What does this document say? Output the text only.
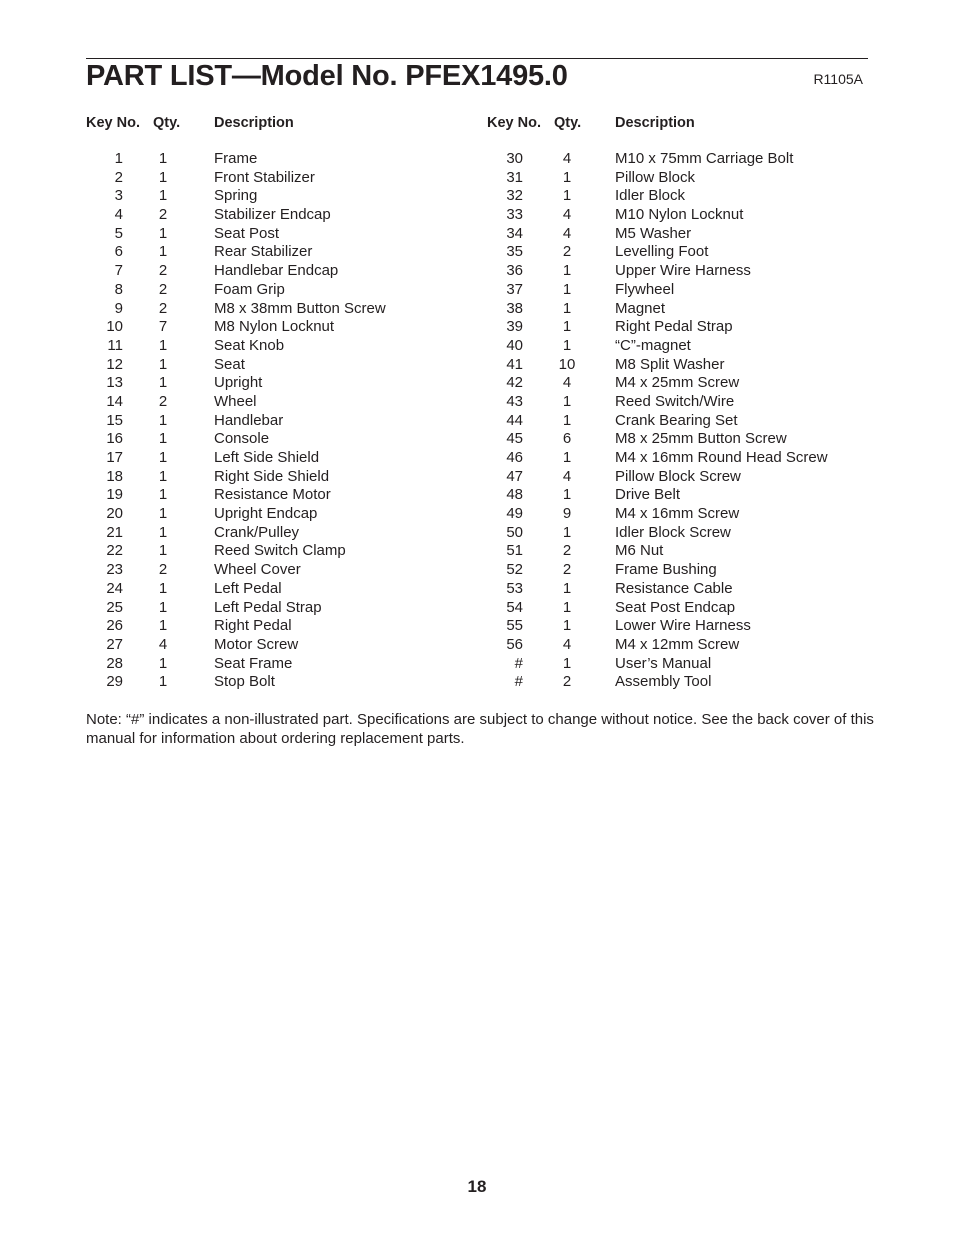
PART LIST—Model No. PFEX1495.0	R1105A
Key No. Qty. Description
1	1	Frame
2	1	Front Stabilizer
3	1	Spring
4	2	Stabilizer Endcap
5	1	Seat Post
6	1	Rear Stabilizer
7	2	Handlebar Endcap
8	2	Foam Grip
9	2	M8 x 38mm Button Screw
10	7	M8 Nylon Locknut
11	1	Seat Knob
12	1	Seat
13	1	Upright
14	2	Wheel
15	1	Handlebar
16	1	Console
17	1	Left Side Shield
18	1	Right Side Shield
19	1	Resistance Motor
20	1	Upright Endcap
21	1	Crank/Pulley
22	1	Reed Switch Clamp
23	2	Wheel Cover
24	1	Left Pedal
25	1	Left Pedal Strap
26	1	Right Pedal
27	4	Motor Screw
28	1	Seat Frame
29	1	Stop Bolt
Key No. Qty. Description
30	4	M10 x 75mm Carriage Bolt
31	1	Pillow Block
32	1	Idler Block
33	4	M10 Nylon Locknut
34	4	M5 Washer
35	2	Levelling Foot
36	1	Upper Wire Harness
37	1	Flywheel
38	1	Magnet
39	1	Right Pedal Strap
40	1	“C”-magnet
41 10	M8 Split Washer
42	4	M4 x 25mm Screw
43	1	Reed Switch/Wire
44	1	Crank Bearing Set
45	6	M8 x 25mm Button Screw
46	1	M4 x 16mm Round Head Screw
47	4	Pillow Block Screw
48	1	Drive Belt
49	9	M4 x 16mm Screw
50	1	Idler Block Screw
51	2	M6 Nut
52	2	Frame Bushing
53	1	Resistance Cable
54	1	Seat Post Endcap
55	1	Lower Wire Harness
56	4	M4 x 12mm Screw
#	1	User’s Manual
#	2	Assembly Tool
Note: “#” indicates a non-illustrated part. Specifications are subject to change without notice. See the back cover of this manual for information about ordering replacement parts.
18
